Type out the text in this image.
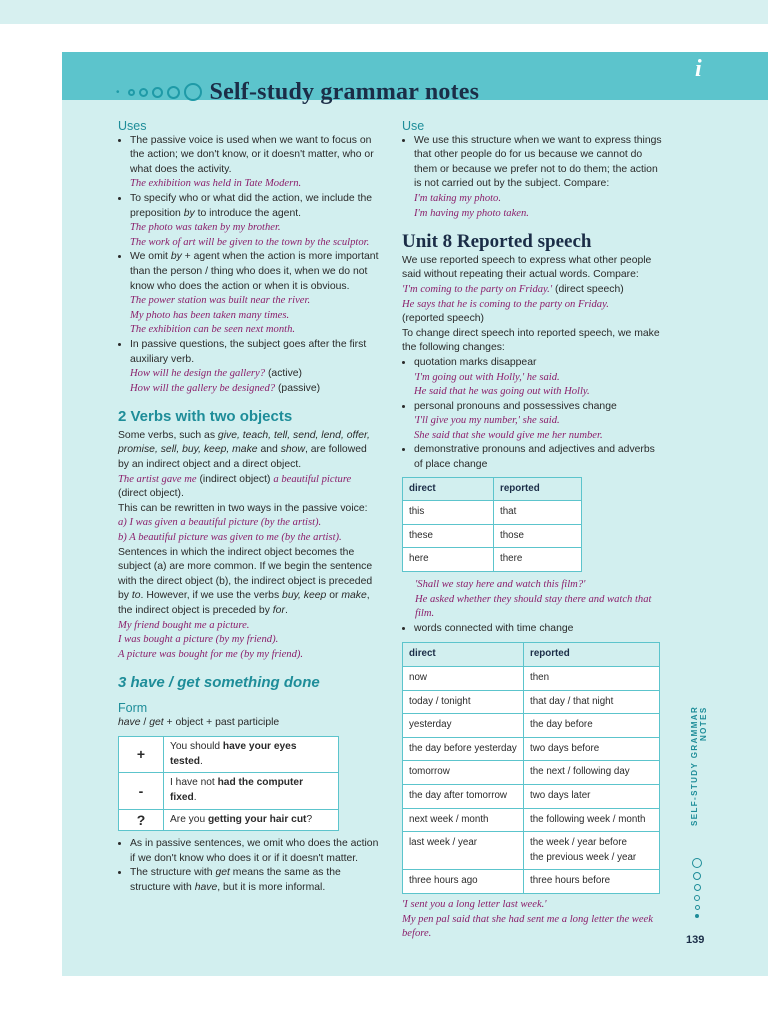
i
•	Self-study grammar notes
Uses
• The passive voice is used when we want to focus on the action; we don't know, or it doesn't matter, who or what does the activity.

The exhibition was held in Tate Modern.

• To specify who or what did the action, we include the preposition by to introduce the agent.

The photo was taken by my brother.

The work of art will be given to the town by the sculptor.

• We omit by + agent when the action is more important than the person / thing who does it, when we do not know who does the action or when it is obvious.

The power station was built near the river.

My photo has been taken many times.

The exhibition can be seen next month.

• In passive questions, the subject goes after the first auxiliary verb.

How will he design the gallery? (active)

How will the gallery be designed? (passive)

2 Verbs with two objects

Some verbs, such as give, teach, tell, send, lend, offer, promise, sell, buy, keep, make and show, are followed by an indirect object and a direct object.

The artist gave me (indirect object) a beautiful picture

(direct object).

This can be rewritten in two ways in the passive voice:

a) I was given a beautiful picture (by the artist).

b) A beautiful picture was given to me (by the artist).

Sentences in which the indirect object becomes the subject (a) are more common. If we begin the sentence with the direct object (b), the indirect object is preceded by to. However, if we use the verbs buy, keep or make, the indirect object is preceded by for.

My friend bought me a picture.

I was bought a picture (by my friend).

A picture was bought for me (by my friend).

3 have / get something done
Form

have / get + object + past participle

+	You should have your eyes tested.
-	I have not had the computer fixed.
?	Are you getting your hair cut?
• As in passive sentences, we omit who does the action if we don't know who does it or if it doesn't matter.
• The structure with get means the same as the structure with have, but it is more informal.
Use
• We use this structure when we want to express things that other people do for us because we cannot do them or because we prefer not to do them; the action is not carried out by the subject. Compare:

I'm taking my photo.

I'm having my photo taken.

Unit 8 Reported speech

We use reported speech to express what other people said without repeating their actual words. Compare:

'I'm coming to the party on Friday.' (direct speech)

He says that he is coming to the party on Friday.

(reported speech)

To change direct speech into reported speech, we make the following changes:

• quotation marks disappear

'I'm going out with Holly,' he said.

He said that he was going out with Holly.

• personal pronouns and possessives change

'I'll give you my number,' she said.

She said that she would give me her number.

• demonstrative pronouns and adjectives and adverbs of place change
direct	reported
this	that
these	those
here	there

'Shall we stay here and watch this film?'

He asked whether they should stay there and watch that film.

• words connected with time change
direct	reported
now	then
today / tonight	that day / that night
yesterday	the day before
the day before yesterday	two days before
tomorrow	the next / following day
the day after tomorrow	two days later
next week / month	the following week / month
last week / year	the week / year before
the previous week / year
three hours ago	three hours before

'I sent you a long letter last week.'

My pen pal said that she had sent me a long letter the week before.

SELF-STUDY GRAMMAR NOTES
139
